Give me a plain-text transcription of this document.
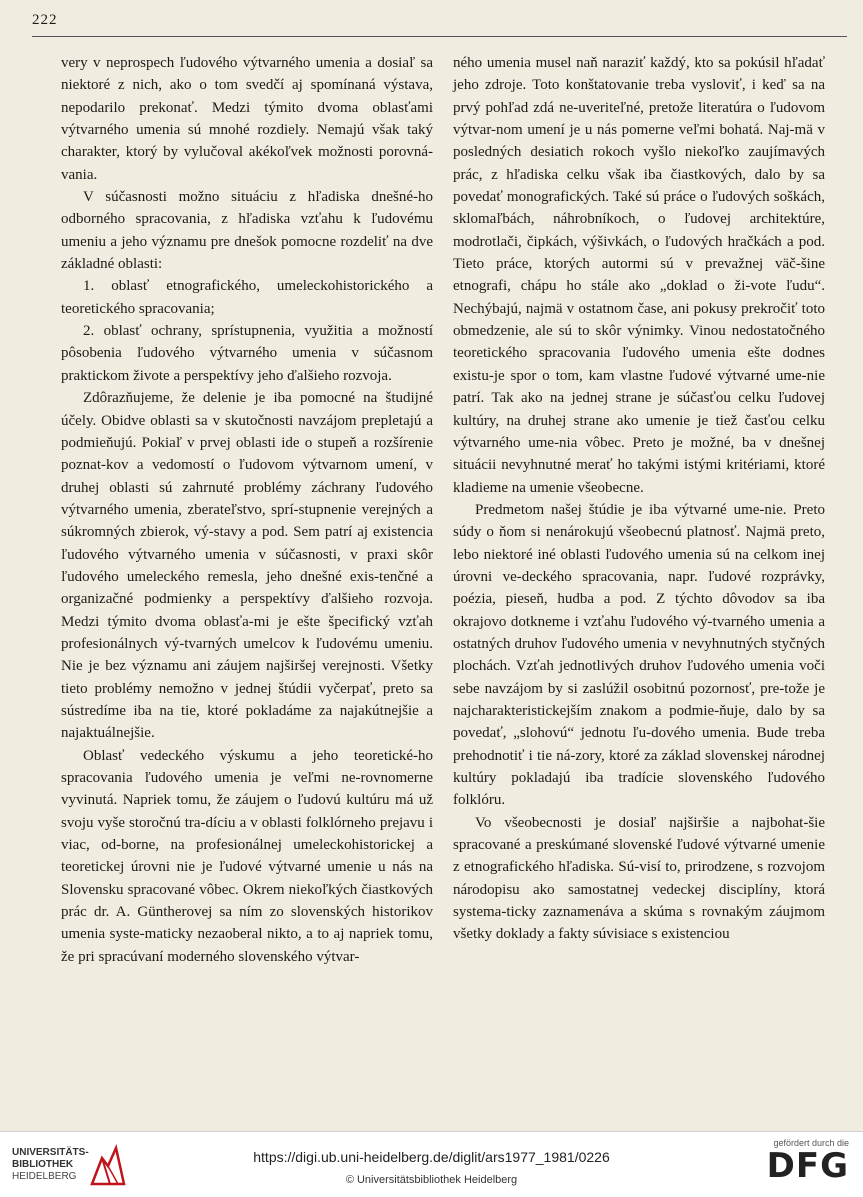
222

very v neprospech ľudového výtvarného umenia a dosiaľ sa niektoré z nich, ako o tom svedčí aj spomínaná výstava, nepodarilo prekonať. Medzi týmito dvoma oblasťami výtvarného umenia sú mnohé rozdiely. Nemajú však taký charakter, ktorý by vylučoval akékoľvek možnosti porovná-vania.

V súčasnosti možno situáciu z hľadiska dnešné-ho odborného spracovania, z hľadiska vzťahu k ľudovému umeniu a jeho významu pre dnešok pomocne rozdeliť na dve základné oblasti:

1. oblasť etnografického, umeleckohistorického a teoretického spracovania;

2. oblasť ochrany, sprístupnenia, využitia a možností pôsobenia ľudového výtvarného umenia v súčasnom praktickom živote a perspektívy jeho ďalšieho rozvoja.

Zdôrazňujeme, že delenie je iba pomocné na študijné účely. Obidve oblasti sa v skutočnosti navzájom prepletajú a podmieňujú. Pokiaľ v prvej oblasti ide o stupeň a rozšírenie poznat-kov a vedomostí o ľudovom výtvarnom umení, v druhej oblasti sú zahrnuté problémy záchrany ľudového výtvarného umenia, zberateľstvo, sprí-stupnenie verejných a súkromných zbierok, vý-stavy a pod. Sem patrí aj existencia ľudového výtvarného umenia v súčasnosti, v praxi skôr ľudového umeleckého remesla, jeho dnešné exis-tenčné a organizačné podmienky a perspektívy ďalšieho rozvoja. Medzi týmito dvoma oblasťa-mi je ešte špecifický vzťah profesionálnych vý-tvarných umelcov k ľudovému umeniu. Nie je bez významu ani záujem najširšej verejnosti. Všetky tieto problémy nemožno v jednej štúdii vyčerpať, preto sa sústredíme iba na tie, ktoré pokladáme za najakútnejšie a najaktuálnejšie.

Oblasť vedeckého výskumu a jeho teoretické-ho spracovania ľudového umenia je veľmi ne-rovnomerne vyvinutá. Napriek tomu, že záujem o ľudovú kultúru má už svoju vyše storočnú tra-díciu a v oblasti folklórneho prejavu i viac, od-borne, na profesionálnej umeleckohistorickej a teoretickej úrovni nie je ľudové výtvarné umenie u nás na Slovensku spracované vôbec. Okrem niekoľkých čiastkových prác dr. A. Güntherovej sa ním zo slovenských historikov umenia syste-maticky nezaoberal nikto, a to aj napriek tomu, že pri spracúvaní moderného slovenského výtvar-

ného umenia musel naň naraziť každý, kto sa pokúsil hľadať jeho zdroje. Toto konštatovanie treba vysloviť, i keď sa na prvý pohľad zdá ne-uveriteľné, pretože literatúra o ľudovom výtvar-nom umení je u nás pomerne veľmi bohatá. Naj-mä v posledných desiatich rokoch vyšlo niekoľko zaujímavých prác, z hľadiska celku však iba čiastkových, dalo by sa povedať monografických. Také sú práce o ľudových soškách, sklomaľbách, náhrobníkoch, o ľudovej architektúre, modrotlači, čipkách, výšivkách, o ľudových hračkách a pod. Tieto práce, ktorých autormi sú v prevažnej väč-šine etnografi, chápu ho stále ako „doklad o ži-vote ľudu“. Nechýbajú, najmä v ostatnom čase, ani pokusy prekročiť toto obmedzenie, ale sú to skôr výnimky. Vinou nedostatočného teoretického spracovania ľudového umenia ešte dodnes existu-je spor o tom, kam vlastne ľudové výtvarné ume-nie patrí. Tak ako na jednej strane je súčasťou celku ľudovej kultúry, na druhej strane ako umenie je tiež časťou celku výtvarného ume-nia vôbec. Preto je možné, ba v dnešnej situácii nevyhnutné merať ho takými istými kritériami, ktoré kladieme na umenie všeobecne.

Predmetom našej štúdie je iba výtvarné ume-nie. Preto súdy o ňom si nenárokujú všeobecnú platnosť. Najmä preto, lebo niektoré iné oblasti ľudového umenia sú na celkom inej úrovni ve-deckého spracovania, napr. ľudové rozprávky, poézia, pieseň, hudba a pod. Z týchto dôvodov sa iba okrajovo dotkneme i vzťahu ľudového vý-tvarného umenia a ostatných druhov ľudového umenia v nevyhnutných styčných plochách. Vzťah jednotlivých druhov ľudového umenia voči sebe navzájom by si zaslúžil osobitnú pozornosť, pre-tože je najcharakteristickejším znakom a podmie-ňuje, dalo by sa povedať, „slohovú“ jednotu ľu-dového umenia. Bude treba prehodnotiť i tie ná-zory, ktoré za základ slovenskej národnej kultúry pokladajú iba tradície slovenského ľudového folklóru.

Vo všeobecnosti je dosiaľ najširšie a najbohat-šie spracované a preskúmané slovenské ľudové výtvarné umenie z etnografického hľadiska. Sú-visí to, prirodzene, s rozvojom národopisu ako samostatnej vedeckej disciplíny, ktorá systema-ticky zaznamenáva a skúma s rovnakým záujmom všetky doklady a fakty súvisiace s existenciou

UNIVERSITÄTS-
BIBLIOTHEK
HEIDELBERG
https://digi.ub.uni-heidelberg.de/diglit/ars1977_1981/0226
© Universitätsbibliothek Heidelberg
gefördert durch die
DFG
